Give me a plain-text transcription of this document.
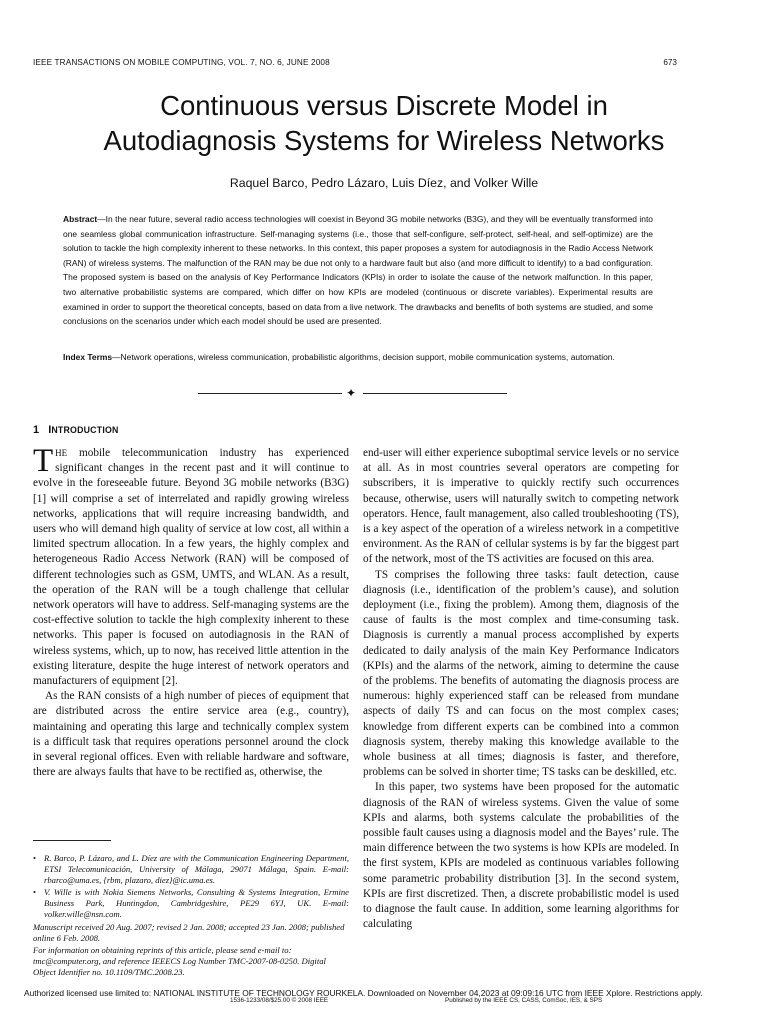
IEEE TRANSACTIONS ON MOBILE COMPUTING, VOL. 7, NO. 6, JUNE 2008	673
Continuous versus Discrete Model in
Autodiagnosis Systems for Wireless Networks
Raquel Barco, Pedro Lázaro, Luis Díez, and Volker Wille
Abstract—In the near future, several radio access technologies will coexist in Beyond 3G mobile networks (B3G), and they will be eventually transformed into one seamless global communication infrastructure. Self-managing systems (i.e., those that self-configure, self-protect, self-heal, and self-optimize) are the solution to tackle the high complexity inherent to these networks. In this context, this paper proposes a system for autodiagnosis in the Radio Access Network (RAN) of wireless systems. The malfunction of the RAN may be due not only to a hardware fault but also (and more difficult to identify) to a bad configuration. The proposed system is based on the analysis of Key Performance Indicators (KPIs) in order to isolate the cause of the network malfunction. In this paper, two alternative probabilistic systems are compared, which differ on how KPIs are modeled (continuous or discrete variables). Experimental results are examined in order to support the theoretical concepts, based on data from a live network. The drawbacks and benefits of both systems are studied, and some conclusions on the scenarios under which each model should be used are presented.
Index Terms—Network operations, wireless communication, probabilistic algorithms, decision support, mobile communication systems, automation.
✦
1 INTRODUCTION

THE mobile telecommunication industry has experienced significant changes in the recent past and it will continue to evolve in the foreseeable future. Beyond 3G mobile networks (B3G) [1] will comprise a set of interrelated and rapidly growing wireless networks, applications that will require increasing bandwidth, and users who will demand high quality of service at low cost, all within a limited spectrum allocation. In a few years, the highly complex and heterogeneous Radio Access Network (RAN) will be composed of different technologies such as GSM, UMTS, and WLAN. As a result, the operation of the RAN will be a tough challenge that cellular network operators will have to address. Self-managing systems are the cost-effective solution to tackle the high complexity inherent to these networks. This paper is focused on autodiagnosis in the RAN of wireless systems, which, up to now, has received little attention in the existing literature, despite the huge interest of network operators and manufacturers of equipment [2].

As the RAN consists of a high number of pieces of equipment that are distributed across the entire service area (e.g., country), maintaining and operating this large and technically complex system is a difficult task that requires operations personnel around the clock in several regional offices. Even with reliable hardware and software, there are always faults that have to be rectified as, otherwise, the

end-user will either experience suboptimal service levels or no service at all. As in most countries several operators are competing for subscribers, it is imperative to quickly rectify such occurrences because, otherwise, users will naturally switch to competing network operators. Hence, fault management, also called troubleshooting (TS), is a key aspect of the operation of a wireless network in a competitive environment. As the RAN of cellular systems is by far the biggest part of the network, most of the TS activities are focused on this area.

TS comprises the following three tasks: fault detection, cause diagnosis (i.e., identification of the problem’s cause), and solution deployment (i.e., fixing the problem). Among them, diagnosis of the cause of faults is the most complex and time-consuming task. Diagnosis is currently a manual process accomplished by experts dedicated to daily analysis of the main Key Performance Indicators (KPIs) and the alarms of the network, aiming to determine the cause of the problems. The benefits of automating the diagnosis process are numerous: highly experienced staff can be released from mundane aspects of daily TS and can focus on the most complex cases; knowledge from different experts can be combined into a common diagnosis system, thereby making this knowledge available to the whole business at all times; diagnosis is faster, and therefore, problems can be solved in shorter time; TS tasks can be deskilled, etc.

In this paper, two systems have been proposed for the automatic diagnosis of the RAN of wireless systems. Given the value of some KPIs and alarms, both systems calculate the probabilities of the possible fault causes using a diagnosis model and the Bayes’ rule. The main difference between the two systems is how KPIs are modeled. In the first system, KPIs are modeled as continuous variables following some parametric probability distribution [3]. In the second system, KPIs are first discretized. Then, a discrete probabilistic model is used to diagnose the fault cause. In addition, some learning algorithms for calculating

• R. Barco, P. Lázaro, and L. Díez are with the Communication Engineering Department, ETSI Telecomunicación, University of Málaga, 29071 Málaga, Spain. E-mail: rbarco@uma.es, {rbm, plazaro, diez}@ic.uma.es.
• V. Wille is with Nokia Siemens Networks, Consulting & Systems Integration, Ermine Business Park, Huntingdon, Cambridgeshire, PE29 6YJ, UK. E-mail: volker.wille@nsn.com.
Manuscript received 20 Aug. 2007; revised 2 Jan. 2008; accepted 23 Jan. 2008; published online 6 Feb. 2008.
For information on obtaining reprints of this article, please send e-mail to: tmc@computer.org, and reference IEEECS Log Number TMC-2007-08-0250. Digital Object Identifier no. 10.1109/TMC.2008.23.
Authorized licensed use limited to: NATIONAL INSTITUTE OF TECHNOLOGY ROURKELA. Downloaded on November 04,2023 at 09:09:16 UTC from IEEE Xplore. Restrictions apply.
1536-1233/08/$25.00 © 2008 IEEE	Published by the IEEE CS, CASS, ComSoc, IES, & SPS
